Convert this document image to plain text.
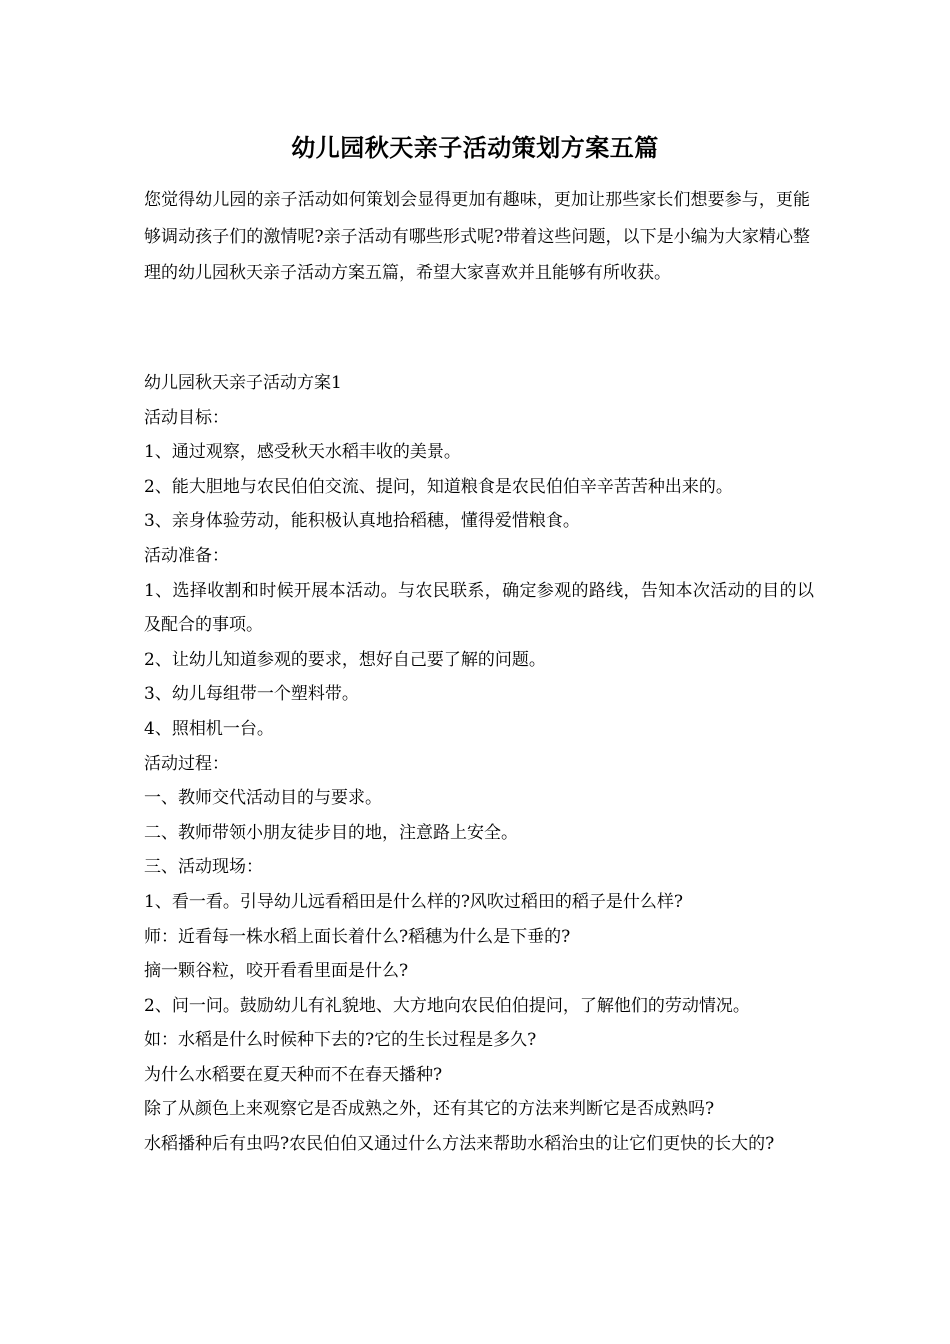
幼儿园秋天亲子活动策划方案五篇

您觉得幼儿园的亲子活动如何策划会显得更加有趣味，更加让那些家长们想要参与，更能够调动孩子们的激情呢?亲子活动有哪些形式呢?带着这些问题，以下是小编为大家精心整理的幼儿园秋天亲子活动方案五篇，希望大家喜欢并且能够有所收获。

幼儿园秋天亲子活动方案1
活动目标：
1、通过观察，感受秋天水稻丰收的美景。
2、能大胆地与农民伯伯交流、提问，知道粮食是农民伯伯辛辛苦苦种出来的。
3、亲身体验劳动，能积极认真地拾稻穗，懂得爱惜粮食。
活动准备：
1、选择收割和时候开展本活动。与农民联系，确定参观的路线，告知本次活动的目的以及配合的事项。
2、让幼儿知道参观的要求，想好自己要了解的问题。
3、幼儿每组带一个塑料带。
4、照相机一台。
活动过程：
一、教师交代活动目的与要求。
二、教师带领小朋友徒步目的地，注意路上安全。
三、活动现场：
1、看一看。引导幼儿远看稻田是什么样的?风吹过稻田的稻子是什么样?
师：近看每一株水稻上面长着什么?稻穗为什么是下垂的?
摘一颗谷粒，咬开看看里面是什么?
2、问一问。鼓励幼儿有礼貌地、大方地向农民伯伯提问，了解他们的劳动情况。
如：水稻是什么时候种下去的?它的生长过程是多久?
为什么水稻要在夏天种而不在春天播种?
除了从颜色上来观察它是否成熟之外，还有其它的方法来判断它是否成熟吗?
水稻播种后有虫吗?农民伯伯又通过什么方法来帮助水稻治虫的让它们更快的长大的?
